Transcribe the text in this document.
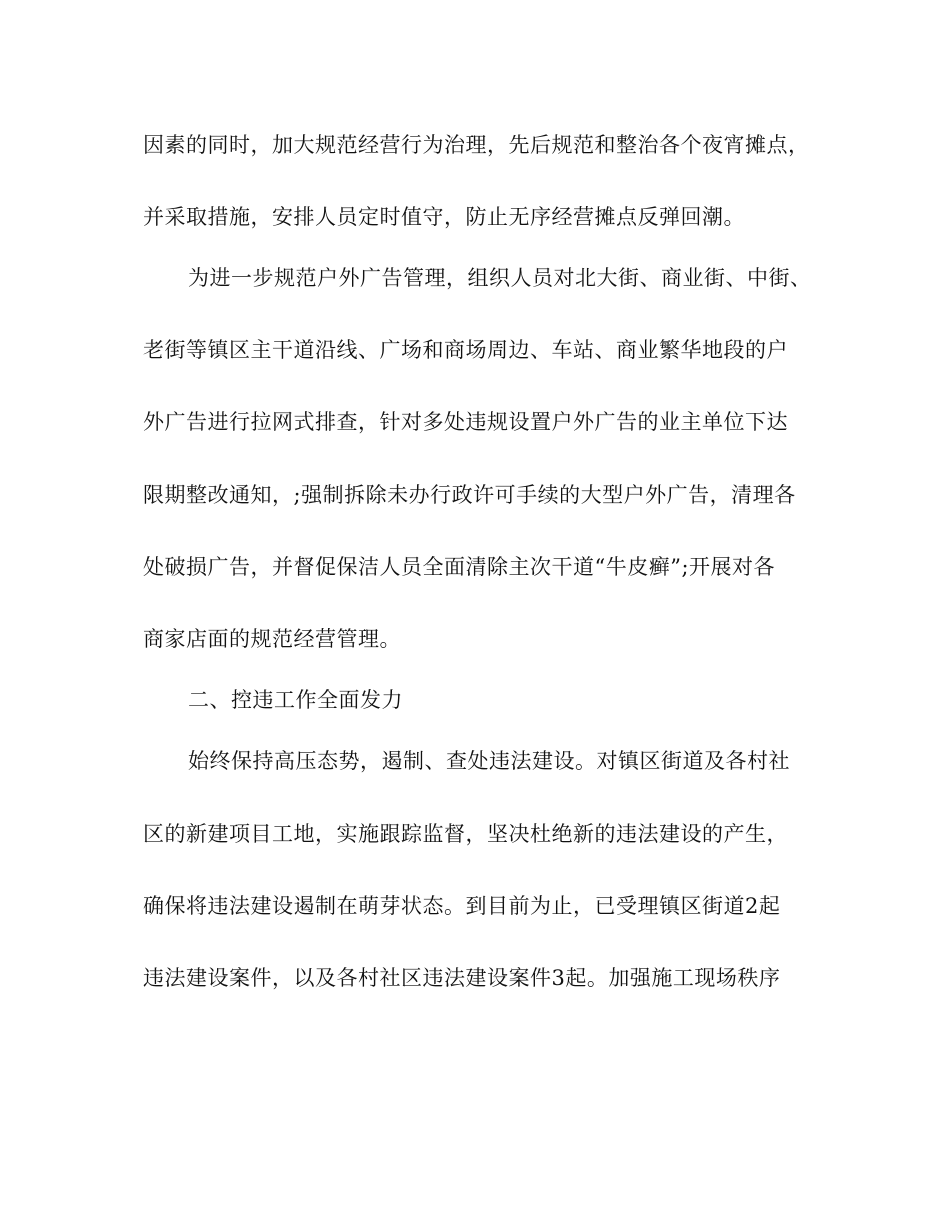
因素的同时，加大规范经营行为治理，先后规范和整治各个夜宵摊点，
并采取措施，安排人员定时值守，防止无序经营摊点反弹回潮。
为进一步规范户外广告管理，组织人员对北大街、商业街、中街、
老街等镇区主干道沿线、广场和商场周边、车站、商业繁华地段的户
外广告进行拉网式排查，针对多处违规设置户外广告的业主单位下达
限期整改通知，;强制拆除未办行政许可手续的大型户外广告，清理各
处破损广告，并督促保洁人员全面清除主次干道“牛皮癣”;开展对各
商家店面的规范经营管理。
二、控违工作全面发力
始终保持高压态势，遏制、查处违法建设。对镇区街道及各村社
区的新建项目工地，实施跟踪监督，坚决杜绝新的违法建设的产生，
确保将违法建设遏制在萌芽状态。到目前为止，已受理镇区街道2起
违法建设案件，以及各村社区违法建设案件3起。加强施工现场秩序
